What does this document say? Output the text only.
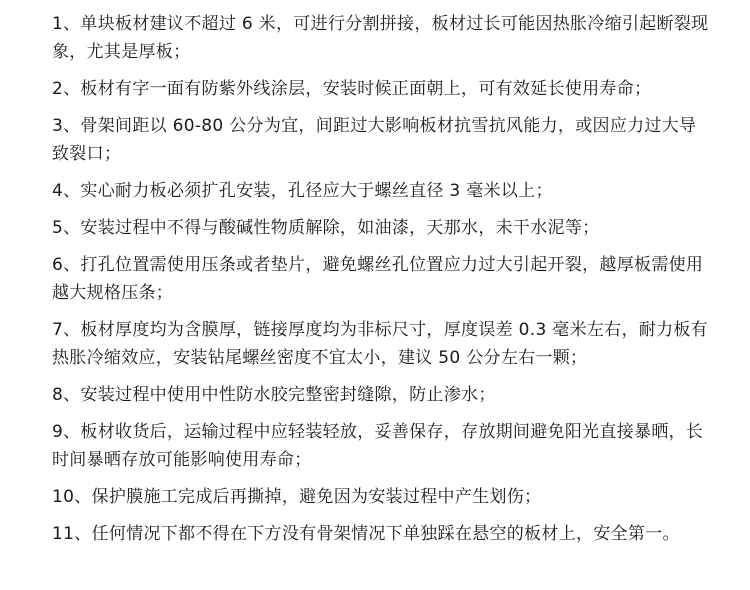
1、单块板材建议不超过 6 米，可进行分割拼接，板材过长可能因热胀冷缩引起断裂现象，尤其是厚板；

2、板材有字一面有防紫外线涂层，安装时候正面朝上，可有效延长使用寿命；

3、骨架间距以 60-80 公分为宜，间距过大影响板材抗雪抗风能力，或因应力过大导致裂口；

4、实心耐力板必须扩孔安装，孔径应大于螺丝直径 3 毫米以上；

5、安装过程中不得与酸碱性物质解除，如油漆，天那水，未干水泥等；

6、打孔位置需使用压条或者垫片，避免螺丝孔位置应力过大引起开裂，越厚板需使用越大规格压条；

7、板材厚度均为含膜厚，链接厚度均为非标尺寸，厚度误差 0.3 毫米左右，耐力板有热胀冷缩效应，安装钻尾螺丝密度不宜太小，建议 50 公分左右一颗；

8、安装过程中使用中性防水胶完整密封缝隙，防止渗水；

9、板材收货后，运输过程中应轻装轻放，妥善保存，存放期间避免阳光直接暴晒，长时间暴晒存放可能影响使用寿命；

10、保护膜施工完成后再撕掉，避免因为安装过程中产生划伤；

11、任何情况下都不得在下方没有骨架情况下单独踩在悬空的板材上，安全第一。
